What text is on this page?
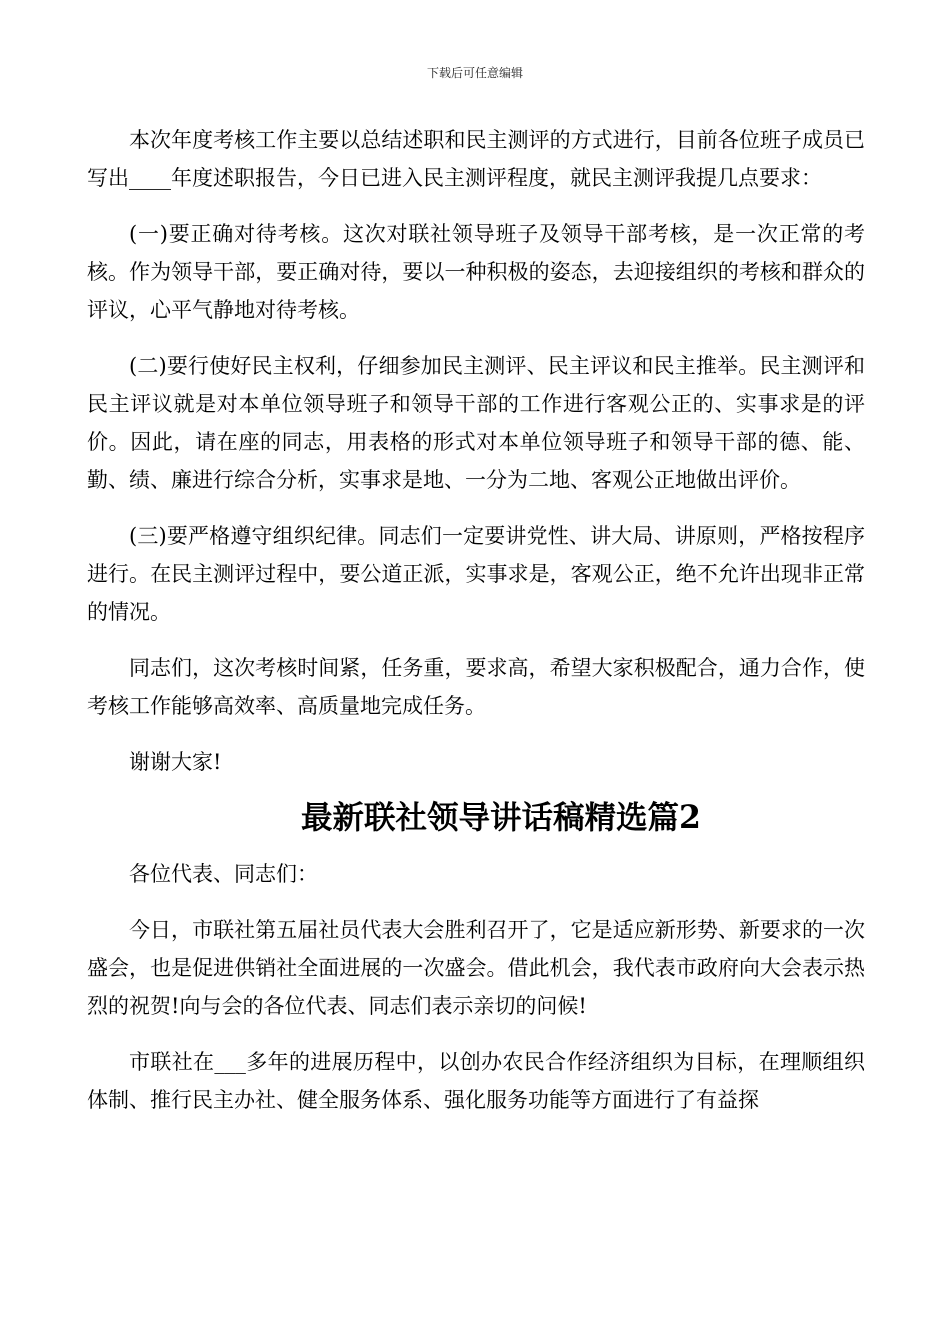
下载后可任意编辑

本次年度考核工作主要以总结述职和民主测评的方式进行，目前各位班子成员已写出____年度述职报告，今日已进入民主测评程度，就民主测评我提几点要求：

(一)要正确对待考核。这次对联社领导班子及领导干部考核，是一次正常的考核。作为领导干部，要正确对待，要以一种积极的姿态，去迎接组织的考核和群众的评议，心平气静地对待考核。

(二)要行使好民主权利，仔细参加民主测评、民主评议和民主推举。民主测评和民主评议就是对本单位领导班子和领导干部的工作进行客观公正的、实事求是的评价。因此，请在座的同志，用表格的形式对本单位领导班子和领导干部的德、能、勤、绩、廉进行综合分析，实事求是地、一分为二地、客观公正地做出评价。

(三)要严格遵守组织纪律。同志们一定要讲党性、讲大局、讲原则，严格按程序进行。在民主测评过程中，要公道正派，实事求是，客观公正，绝不允许出现非正常的情况。

同志们，这次考核时间紧，任务重，要求高，希望大家积极配合，通力合作，使考核工作能够高效率、高质量地完成任务。

谢谢大家!

最新联社领导讲话稿精选篇2

各位代表、同志们：

今日，市联社第五届社员代表大会胜利召开了，它是适应新形势、新要求的一次盛会，也是促进供销社全面进展的一次盛会。借此机会，我代表市政府向大会表示热烈的祝贺!向与会的各位代表、同志们表示亲切的问候!

市联社在___多年的进展历程中，以创办农民合作经济组织为目标，在理顺组织体制、推行民主办社、健全服务体系、强化服务功能等方面进行了有益探
